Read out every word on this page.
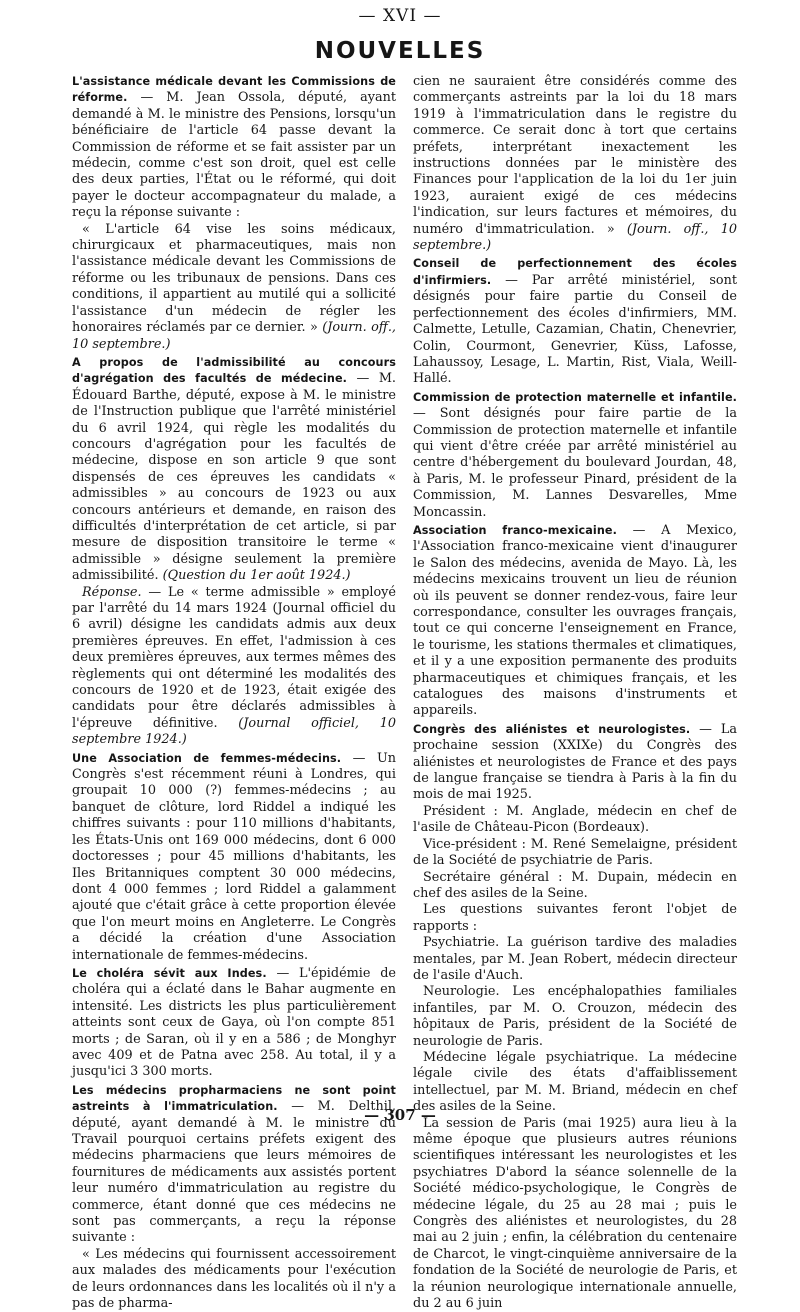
— XVI —
NOUVELLES
L'assistance médicale devant les Commissions de réforme. — M. Jean Ossola, député, ayant demandé à M. le ministre des Pensions, lorsqu'un bénéficiaire de l'article 64 passe devant la Commission de réforme et se fait assister par un médecin, comme c'est son droit, quel est celle des deux parties, l'État ou le réformé, qui doit payer le docteur accompagnateur du malade, a reçu la réponse suivante :

« L'article 64 vise les soins médicaux, chirurgicaux et pharmaceutiques, mais non l'assistance médicale devant les Commissions de réforme ou les tribunaux de pensions. Dans ces conditions, il appartient au mutilé qui a sollicité l'assistance d'un médecin de régler les honoraires réclamés par ce dernier. » (Journ. off., 10 septembre.)

A propos de l'admissibilité au concours d'agrégation des facultés de médecine. — M. Édouard Barthe, député, expose à M. le ministre de l'Instruction publique que l'arrêté ministériel du 6 avril 1924, qui règle les modalités du concours d'agrégation pour les facultés de médecine, dispose en son article 9 que sont dispensés de ces épreuves les candidats « admissibles » au concours de 1923 ou aux concours antérieurs et demande, en raison des difficultés d'interprétation de cet article, si par mesure de disposition transitoire le terme « admissible » désigne seulement la première admissibilité. (Question du 1er août 1924.)

Réponse. — Le « terme admissible » employé par l'arrêté du 14 mars 1924 (Journal officiel du 6 avril) désigne les candidats admis aux deux premières épreuves. En effet, l'admission à ces deux premières épreuves, aux termes mêmes des règlements qui ont déterminé les modalités des concours de 1920 et de 1923, était exigée des candidats pour être déclarés admissibles à l'épreuve définitive. (Journal officiel, 10 septembre 1924.)

Une Association de femmes-médecins. — Un Congrès s'est récemment réuni à Londres, qui groupait 10 000 (?) femmes-médecins ; au banquet de clôture, lord Riddel a indiqué les chiffres suivants : pour 110 millions d'habitants, les États-Unis ont 169 000 médecins, dont 6 000 doctoresses ; pour 45 millions d'habitants, les Iles Britanniques comptent 30 000 médecins, dont 4 000 femmes ; lord Riddel a galamment ajouté que c'était grâce à cette proportion élevée que l'on meurt moins en Angleterre. Le Congrès a décidé la création d'une Association internationale de femmes-médecins.
Le choléra sévit aux Indes. — L'épidémie de choléra qui a éclaté dans le Bahar augmente en intensité. Les districts les plus particulièrement atteints sont ceux de Gaya, où l'on compte 851 morts ; de Saran, où il y en a 586 ; de Monghyr avec 409 et de Patna avec 258. Au total, il y a jusqu'ici 3 300 morts.
Les médecins propharmaciens ne sont point astreints à l'immatriculation. — M. Delthil, député, ayant demandé à M. le ministre du Travail pourquoi certains préfets exigent des médecins pharmaciens que leurs mémoires de fournitures de médicaments aux assistés portent leur numéro d'immatriculation au registre du commerce, étant donné que ces médecins ne sont pas commerçants, a reçu la réponse suivante :

« Les médecins qui fournissent accessoirement aux malades des médicaments pour l'exécution de leurs ordonnances dans les localités où il n'y a pas de pharma-

cien ne sauraient être considérés comme des commerçants astreints par la loi du 18 mars 1919 à l'immatriculation dans le registre du commerce. Ce serait donc à tort que certains préfets, interprétant inexactement les instructions données par le ministère des Finances pour l'application de la loi du 1er juin 1923, auraient exigé de ces médecins l'indication, sur leurs factures et mémoires, du numéro d'immatriculation. » (Journ. off., 10 septembre.)
Conseil de perfectionnement des écoles d'infirmiers. — Par arrêté ministériel, sont désignés pour faire partie du Conseil de perfectionnement des écoles d'infirmiers, MM. Calmette, Letulle, Cazamian, Chatin, Chenevrier, Colin, Courmont, Genevrier, Küss, Lafosse, Lahaussoy, Lesage, L. Martin, Rist, Viala, Weill-Hallé.
Commission de protection maternelle et infantile. — Sont désignés pour faire partie de la Commission de protection maternelle et infantile qui vient d'être créée par arrêté ministériel au centre d'hébergement du boulevard Jourdan, 48, à Paris, M. le professeur Pinard, président de la Commission, M. Lannes Desvarelles, Mme Moncassin.
Association franco-mexicaine. — A Mexico, l'Association franco-mexicaine vient d'inaugurer le Salon des médecins, avenida de Mayo. Là, les médecins mexicains trouvent un lieu de réunion où ils peuvent se donner rendez-vous, faire leur correspondance, consulter les ouvrages français, tout ce qui concerne l'enseignement en France, le tourisme, les stations thermales et climatiques, et il y a une exposition permanente des produits pharmaceutiques et chimiques français, et les catalogues des maisons d'instruments et appareils.
Congrès des aliénistes et neurologistes. — La prochaine session (XXIXe) du Congrès des aliénistes et neurologistes de France et des pays de langue française se tiendra à Paris à la fin du mois de mai 1925.

Président : M. Anglade, médecin en chef de l'asile de Château-Picon (Bordeaux).

Vice-président : M. René Semelaigne, président de la Société de psychiatrie de Paris.

Secrétaire général : M. Dupain, médecin en chef des asiles de la Seine.

Les questions suivantes feront l'objet de rapports :

Psychiatrie. La guérison tardive des maladies mentales, par M. Jean Robert, médecin directeur de l'asile d'Auch.

Neurologie. Les encéphalopathies familiales infantiles, par M. O. Crouzon, médecin des hôpitaux de Paris, président de la Société de neurologie de Paris.

Médecine légale psychiatrique. La médecine légale civile des états d'affaiblissement intellectuel, par M. M. Briand, médecin en chef des asiles de la Seine.

La session de Paris (mai 1925) aura lieu à la même époque que plusieurs autres réunions scientifiques intéressant les neurologistes et les psychiatres D'abord la séance solennelle de la Société médico-psychologique, le Congrès de médecine légale, du 25 au 28 mai ; puis le Congrès des aliénistes et neurologistes, du 28 mai au 2 juin ; enfin, la célébration du centenaire de Charcot, le vingt-cinquième anniversaire de la fondation de la Société de neurologie de Paris, et la réunion neurologique internationale annuelle, du 2 au 6 juin

— 307 —
